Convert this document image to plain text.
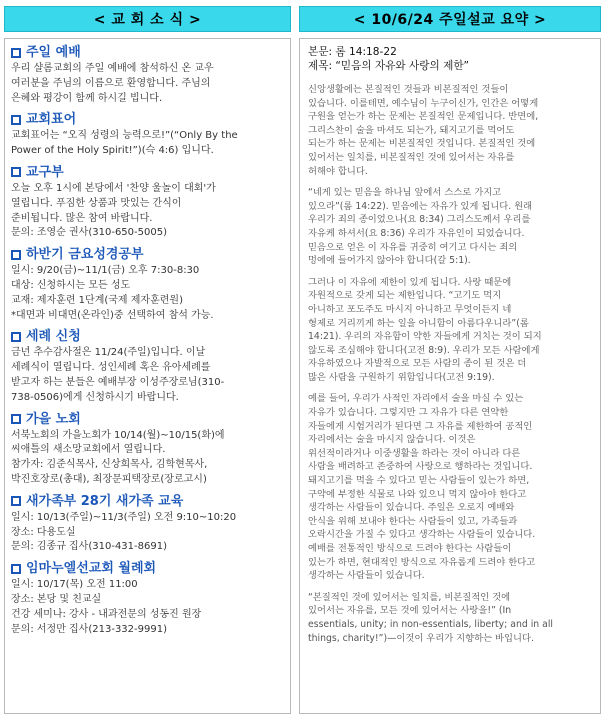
< 교 회 소 식 >	< 10/6/24 주일설교 요약 >
주일 예배

우리 샬롬교회의 주일 예배에 참석하신 온 교우

여러분을 주님의 이름으로 환영합니다. 주님의

은혜와 평강이 함께 하시길 빕니다.

교회표어

교회표어는 “오직 성령의 능력으로!”(“Only By the

Power of the Holy Spirit!”)(슥 4:6) 입니다.

교구부

오늘 오후 1시에 본당에서 '찬양 울놀이 대회'가

열립니다. 푸짐한 상품과 맛있는 간식이

준비됩니다. 많은 참여 바랍니다.

문의: 조영순 권사(310-650-5005)

하반기 금요성경공부

일시: 9/20(금)~11/1(금) 오후 7:30-8:30

대상: 신청하시는 모든 성도

교재: 제자훈련 1단계(국제 제자훈련원)

*대면과 비대면(온라인)중 선택하여 참석 가능.

세례 신청

금년 추수감사절은 11/24(주일)입니다. 이날

세례식이 열립니다. 성인세례 혹은 유아세례를

받고자 하는 분들은 예배부장 이성주장로님(310-

738-0506)에게 신청하시기 바랍니다.

가을 노회

서북노회의 가을노회가 10/14(월)~10/15(화)에

씨애틀의 새소망교회에서 열립니다.

참가자: 김준식목사, 신상희목사, 김학현목사,

박진호장로(총대), 최장문피택장로(장로고시)

새가족부 28기 새가족 교육

일시: 10/13(주일)~11/3(주일) 오전 9:10~10:20

장소: 다용도실

문의: 김종규 집사(310-431-8691)

임마누엘선교회 월례회

일시: 10/17(목) 오전 11:00

장소: 본당 및 친교실

건강 세미나: 강사 - 내과전문의 성동진 원장

문의: 서정만 집사(213-332-9991)

본문: 롬 14:18-22
제목: “믿음의 자유와 사랑의 제한”
신앙생활에는 본질적인 것들과 비본질적인 것들이
있습니다. 이를테면, 예수님이 누구이신가, 인간은 어떻게
구원을 얻는가 하는 문제는 본질적인 문제입니다. 반면에,
그리스찬이 술을 마셔도 되는가, 돼지고기를 먹어도
되는가 하는 문제는 비본질적인 것입니다. 본질적인 것에
있어서는 일치를, 비본질적인 것에 있어서는 자유를
허해야 합니다.
“네게 있는 믿음을 하나님 앞에서 스스로 가지고
있으라”(롬 14:22). 믿음에는 자유가 있게 됩니다. 원래
우리가 죄의 종이었으나(요 8:34) 그리스도께서 우리를
자유케 하셔서(요 8:36) 우리가 자유인이 되었습니다.
믿음으로 얻은 이 자유를 귀중히 여기고 다시는 죄의
멍에에 들어가지 않아야 합니다(갈 5:1).
그러나 이 자유에 제한이 있게 됩니다. 사랑 때문에
자원적으로 갖게 되는 제한입니다. “고기도 먹지
아니하고 포도주도 마시지 아니하고 무엇이든지 네
형제로 거리끼게 하는 일을 아니함이 아름다우니라”(롬
14:21). 우리의 자유함이 약한 자들에게 거치는 것이 되지
않도록 조심해야 합니다(고전 8:9). 우리가 모든 사람에게
자유하였으나 자발적으로 모든 사람의 종이 된 것은 더
많은 사람을 구원하기 위함입니다(고전 9:19).
예를 들어, 우리가 사적인 자리에서 술을 마실 수 있는
자유가 있습니다. 그렇지만 그 자유가 다른 연약한
자들에게 시험거리가 된다면 그 자유를 제한하여 공적인
자리에서는 술을 마시지 않습니다. 이것은
위선적이라거나 이중생활을 하라는 것이 아니라 다른
사람을 배려하고 존중하여 사랑으로 행하라는 것입니다.
돼지고기를 먹을 수 있다고 믿는 사람들이 있는가 하면,
구약에 부정한 식물로 나와 있으니 먹지 않아야 한다고
생각하는 사람들이 있습니다. 주일은 오로지 예배와
안식을 위해 보내야 한다는 사람들이 있고, 가족들과
오락시간을 가질 수 있다고 생각하는 사람들이 있습니다.
예배를 전통적인 방식으로 드려야 한다는 사람들이
있는가 하면, 현대적인 방식으로 자유롭게 드려야 한다고
생각하는 사람들이 있습니다.
“본질적인 것에 있어서는 일치를, 비본질적인 것에
있어서는 자유를, 모든 것에 있어서는 사랑을!” (In
essentials, unity; in non-essentials, liberty; and in all
things, charity!”)—이것이 우리가 지향하는 바입니다.
